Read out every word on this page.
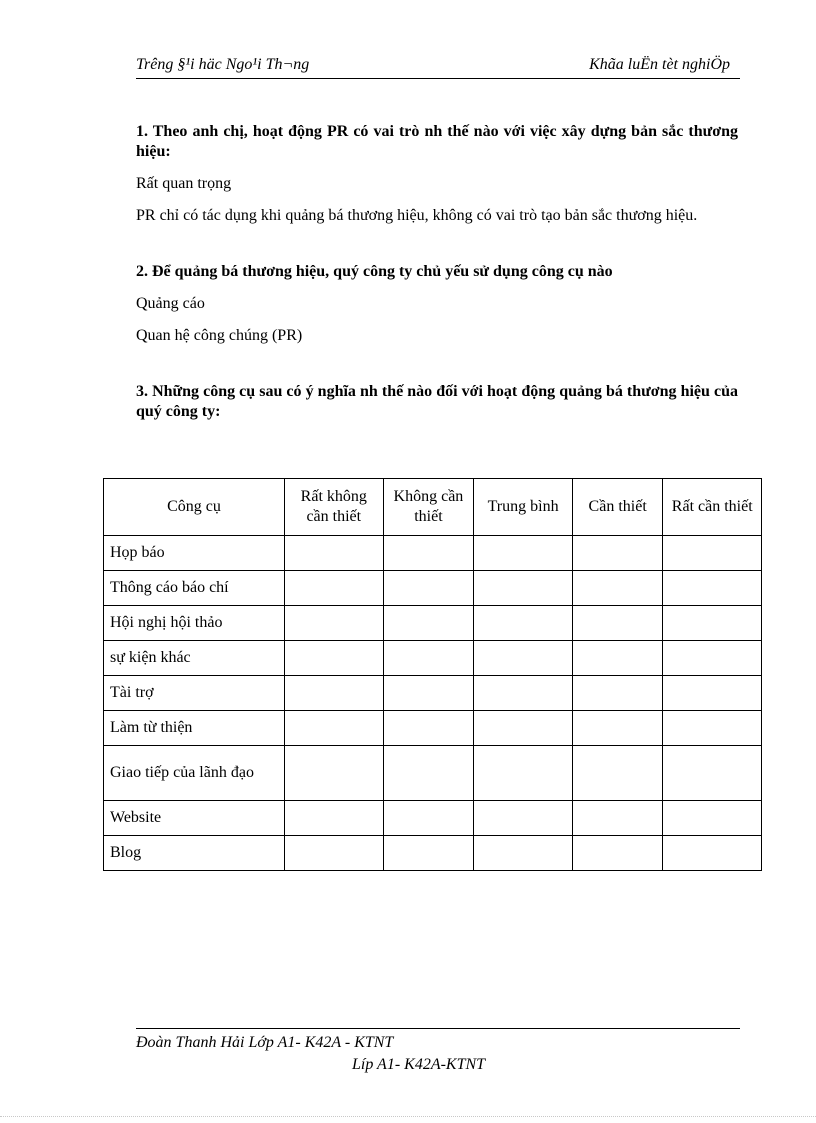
Trêng §¹i häc Ngo¹i Th¬ng	Khãa luËn tèt nghiÖp
1. Theo anh chị, hoạt động PR có vai trò nh thế nào với việc xây dựng bản sắc thương hiệu:
Rất quan trọng
PR chỉ có tác dụng khi quảng bá thương hiệu, không có vai trò tạo bản sắc thương hiệu.
2. Để quảng bá thương hiệu, quý công ty chủ yếu sử dụng công cụ nào
Quảng cáo
Quan hệ công chúng (PR)
3. Những công cụ sau có ý nghĩa nh thế nào đối với hoạt động quảng bá thương hiệu của quý công ty:
Công cụ	Rất không cần thiết	Không cần thiết	Trung bình	Cần thiết	Rất cần thiết
Họp báo					
Thông cáo báo chí					
Hội nghị hội thảo					
sự kiện khác					
Tài trợ					
Làm từ thiện					
Giao tiếp của lãnh đạo					
Website					
Blog					
Đoàn Thanh Hải Lớp A1- K42A - KTNT
Líp A1- K42A-KTNT
